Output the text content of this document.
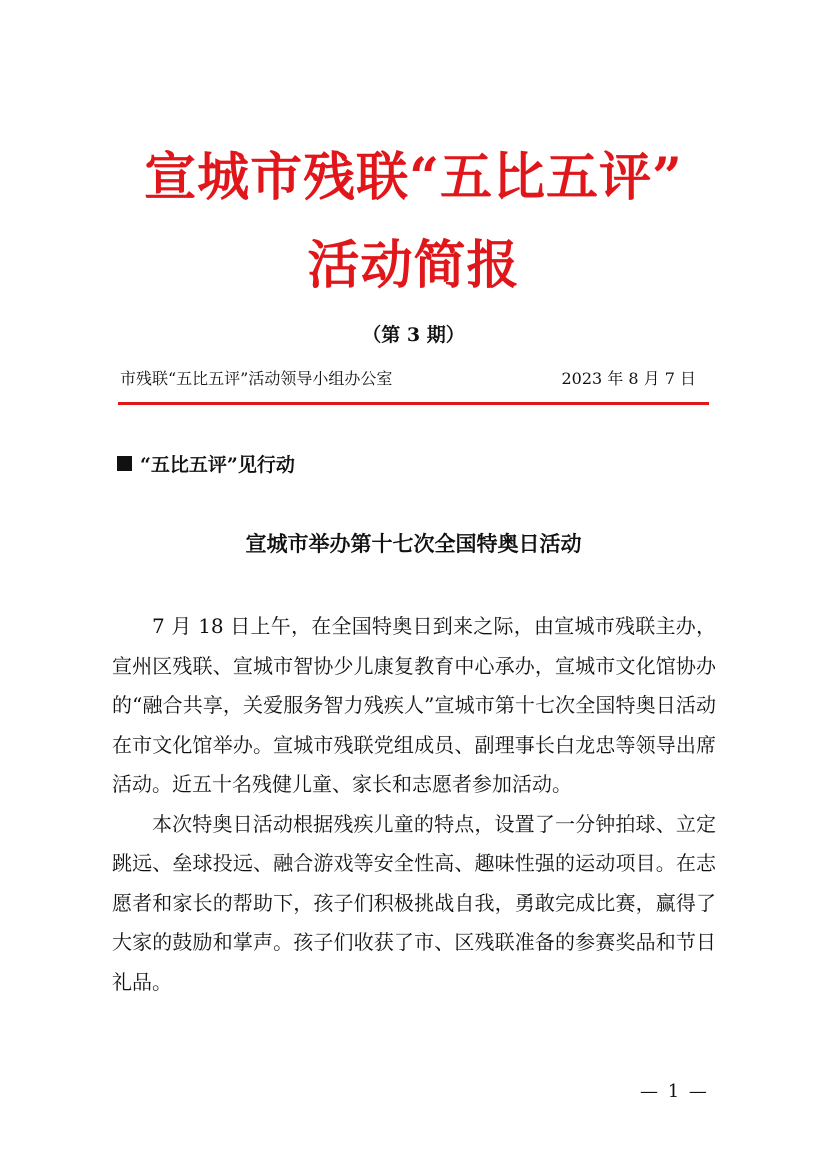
宣城市残联“五比五评”
活动简报
（第 3 期）
市残联“五比五评”活动领导小组办公室	2023 年 8 月 7 日
“五比五评”见行动
宣城市举办第十七次全国特奥日活动

7 月 18 日上午，在全国特奥日到来之际，由宣城市残联主办，宣州区残联、宣城市智协少儿康复教育中心承办，宣城市文化馆协办的“融合共享，关爱服务智力残疾人”宣城市第十七次全国特奥日活动在市文化馆举办。宣城市残联党组成员、副理事长白龙忠等领导出席活动。近五十名残健儿童、家长和志愿者参加活动。

本次特奥日活动根据残疾儿童的特点，设置了一分钟拍球、立定跳远、垒球投远、融合游戏等安全性高、趣味性强的运动项目。在志愿者和家长的帮助下，孩子们积极挑战自我，勇敢完成比赛，赢得了大家的鼓励和掌声。孩子们收获了市、区残联准备的参赛奖品和节日礼品。

— 1 —
